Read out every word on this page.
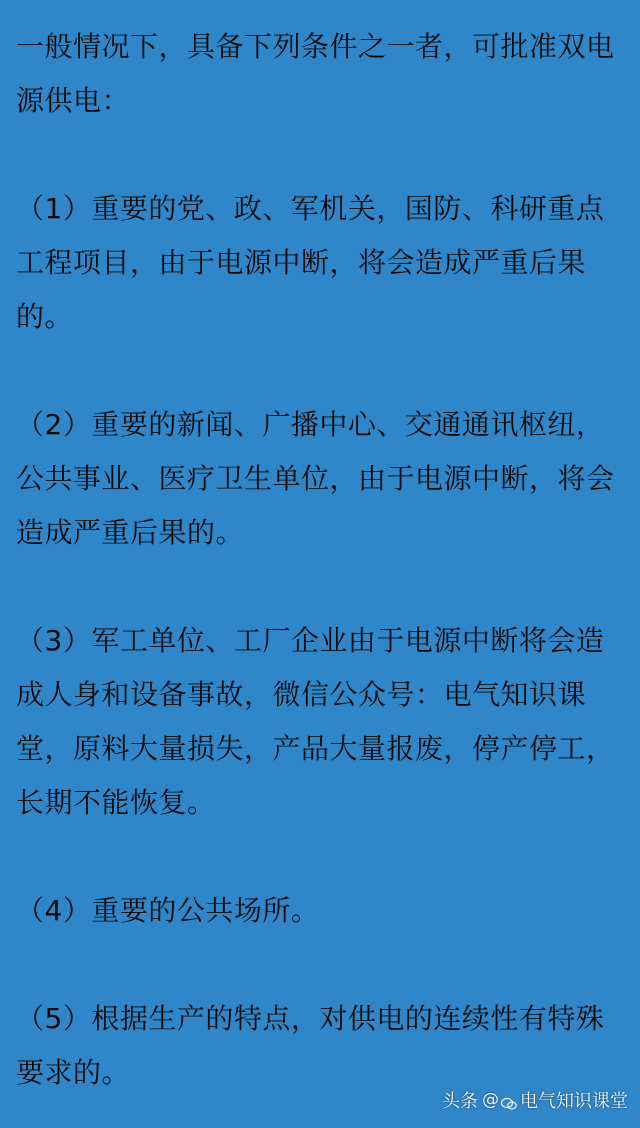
一般情况下，具备下列条件之一者，可批准双电源供电：
（1）重要的党、政、军机关，国防、科研重点工程项目，由于电源中断，将会造成严重后果的。
（2）重要的新闻、广播中心、交通通讯枢纽，公共事业、医疗卫生单位，由于电源中断，将会造成严重后果的。
（3）军工单位、工厂企业由于电源中断将会造成人身和设备事故，微信公众号：电气知识课堂，原料大量损失，产品大量报废，停产停工，长期不能恢复。
（4）重要的公共场所。
（5）根据生产的特点，对供电的连续性有特殊要求的。
头条 @ 电气知识课堂
